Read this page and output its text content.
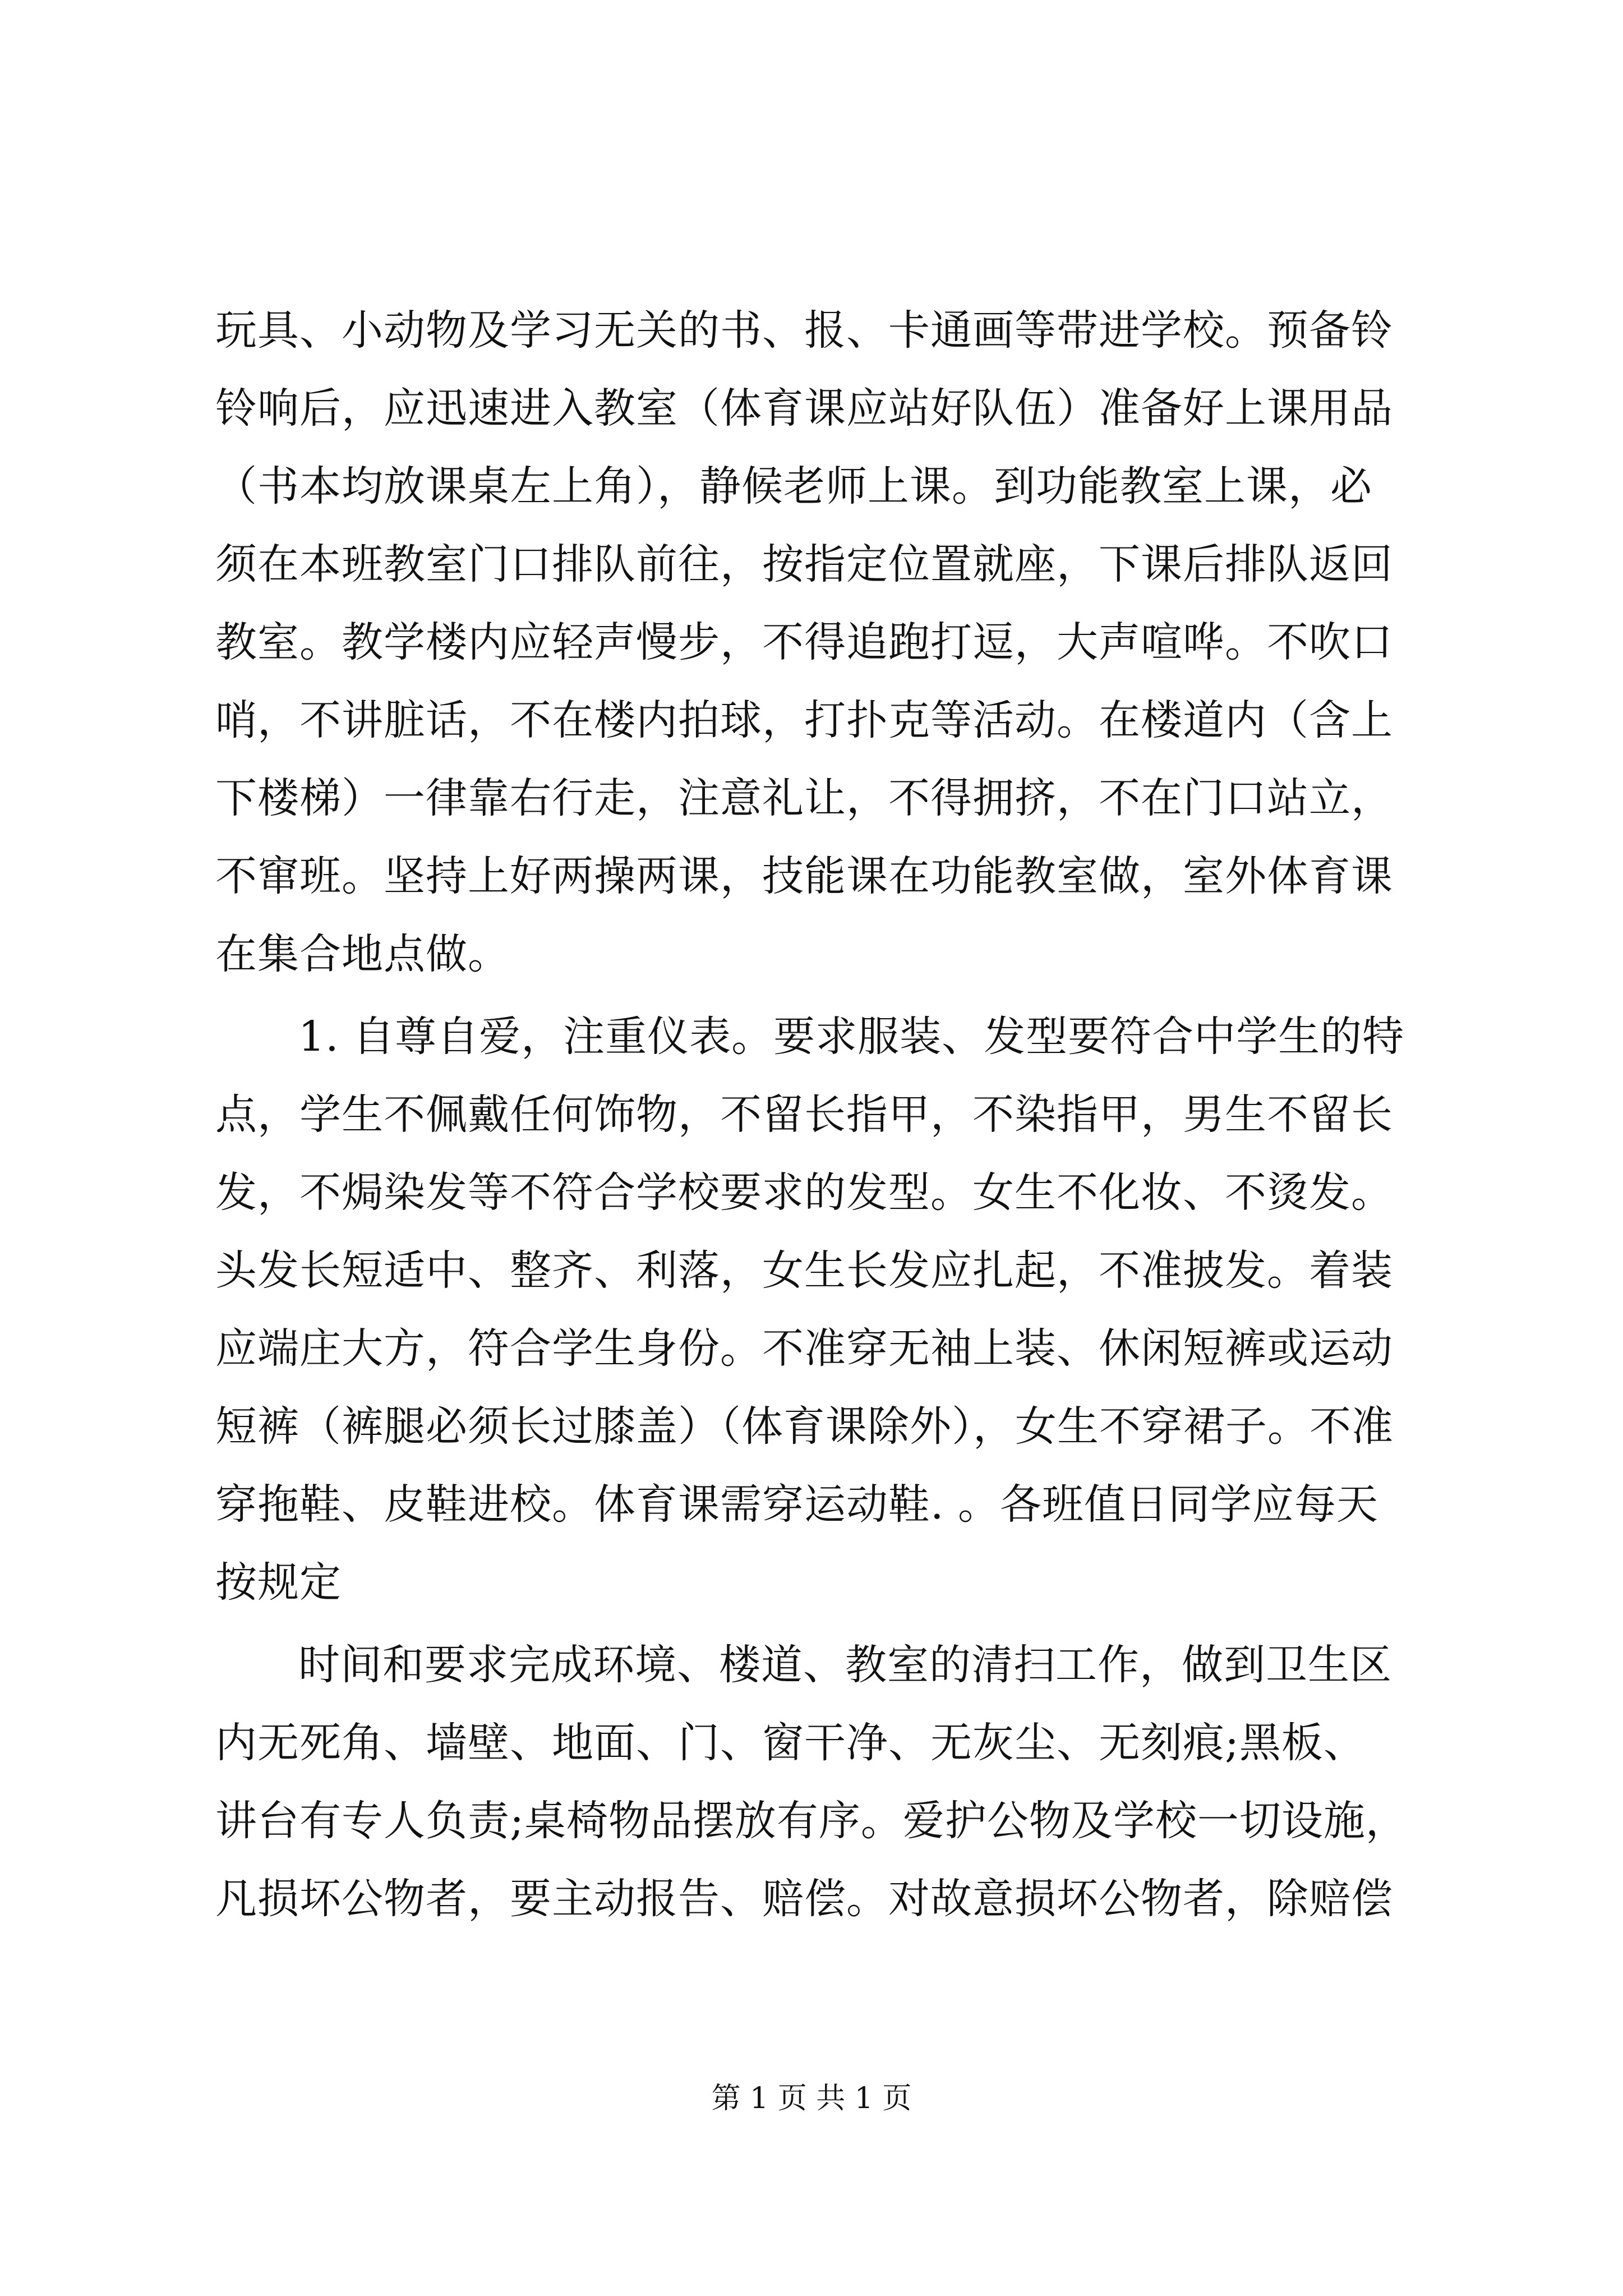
玩具、小动物及学习无关的书、报、卡通画等带进学校。预备铃
铃响后，应迅速进入教室（体育课应站好队伍）准备好上课用品
（书本均放课桌左上角），静候老师上课。到功能教室上课，必
须在本班教室门口排队前往，按指定位置就座，下课后排队返回
教室。教学楼内应轻声慢步，不得追跑打逗，大声喧哗。不吹口
哨，不讲脏话，不在楼内拍球，打扑克等活动。在楼道内（含上
下楼梯）一律靠右行走，注意礼让，不得拥挤，不在门口站立，
不窜班。坚持上好两操两课，技能课在功能教室做，室外体育课
在集合地点做。

1. 自尊自爱，注重仪表。要求服装、发型要符合中学生的特
点，学生不佩戴任何饰物，不留长指甲，不染指甲，男生不留长
发，不焗染发等不符合学校要求的发型。女生不化妆、不烫发。
头发长短适中、整齐、利落，女生长发应扎起，不准披发。着装
应端庄大方，符合学生身份。不准穿无袖上装、休闲短裤或运动
短裤（裤腿必须长过膝盖）（体育课除外），女生不穿裙子。不准
穿拖鞋、皮鞋进校。体育课需穿运动鞋. 。各班值日同学应每天
按规定

时间和要求完成环境、楼道、教室的清扫工作，做到卫生区
内无死角、墙壁、地面、门、窗干净、无灰尘、无刻痕;黑板、
讲台有专人负责;桌椅物品摆放有序。爱护公物及学校一切设施，
凡损坏公物者，要主动报告、赔偿。对故意损坏公物者，除赔偿

第 1 页 共 1 页
